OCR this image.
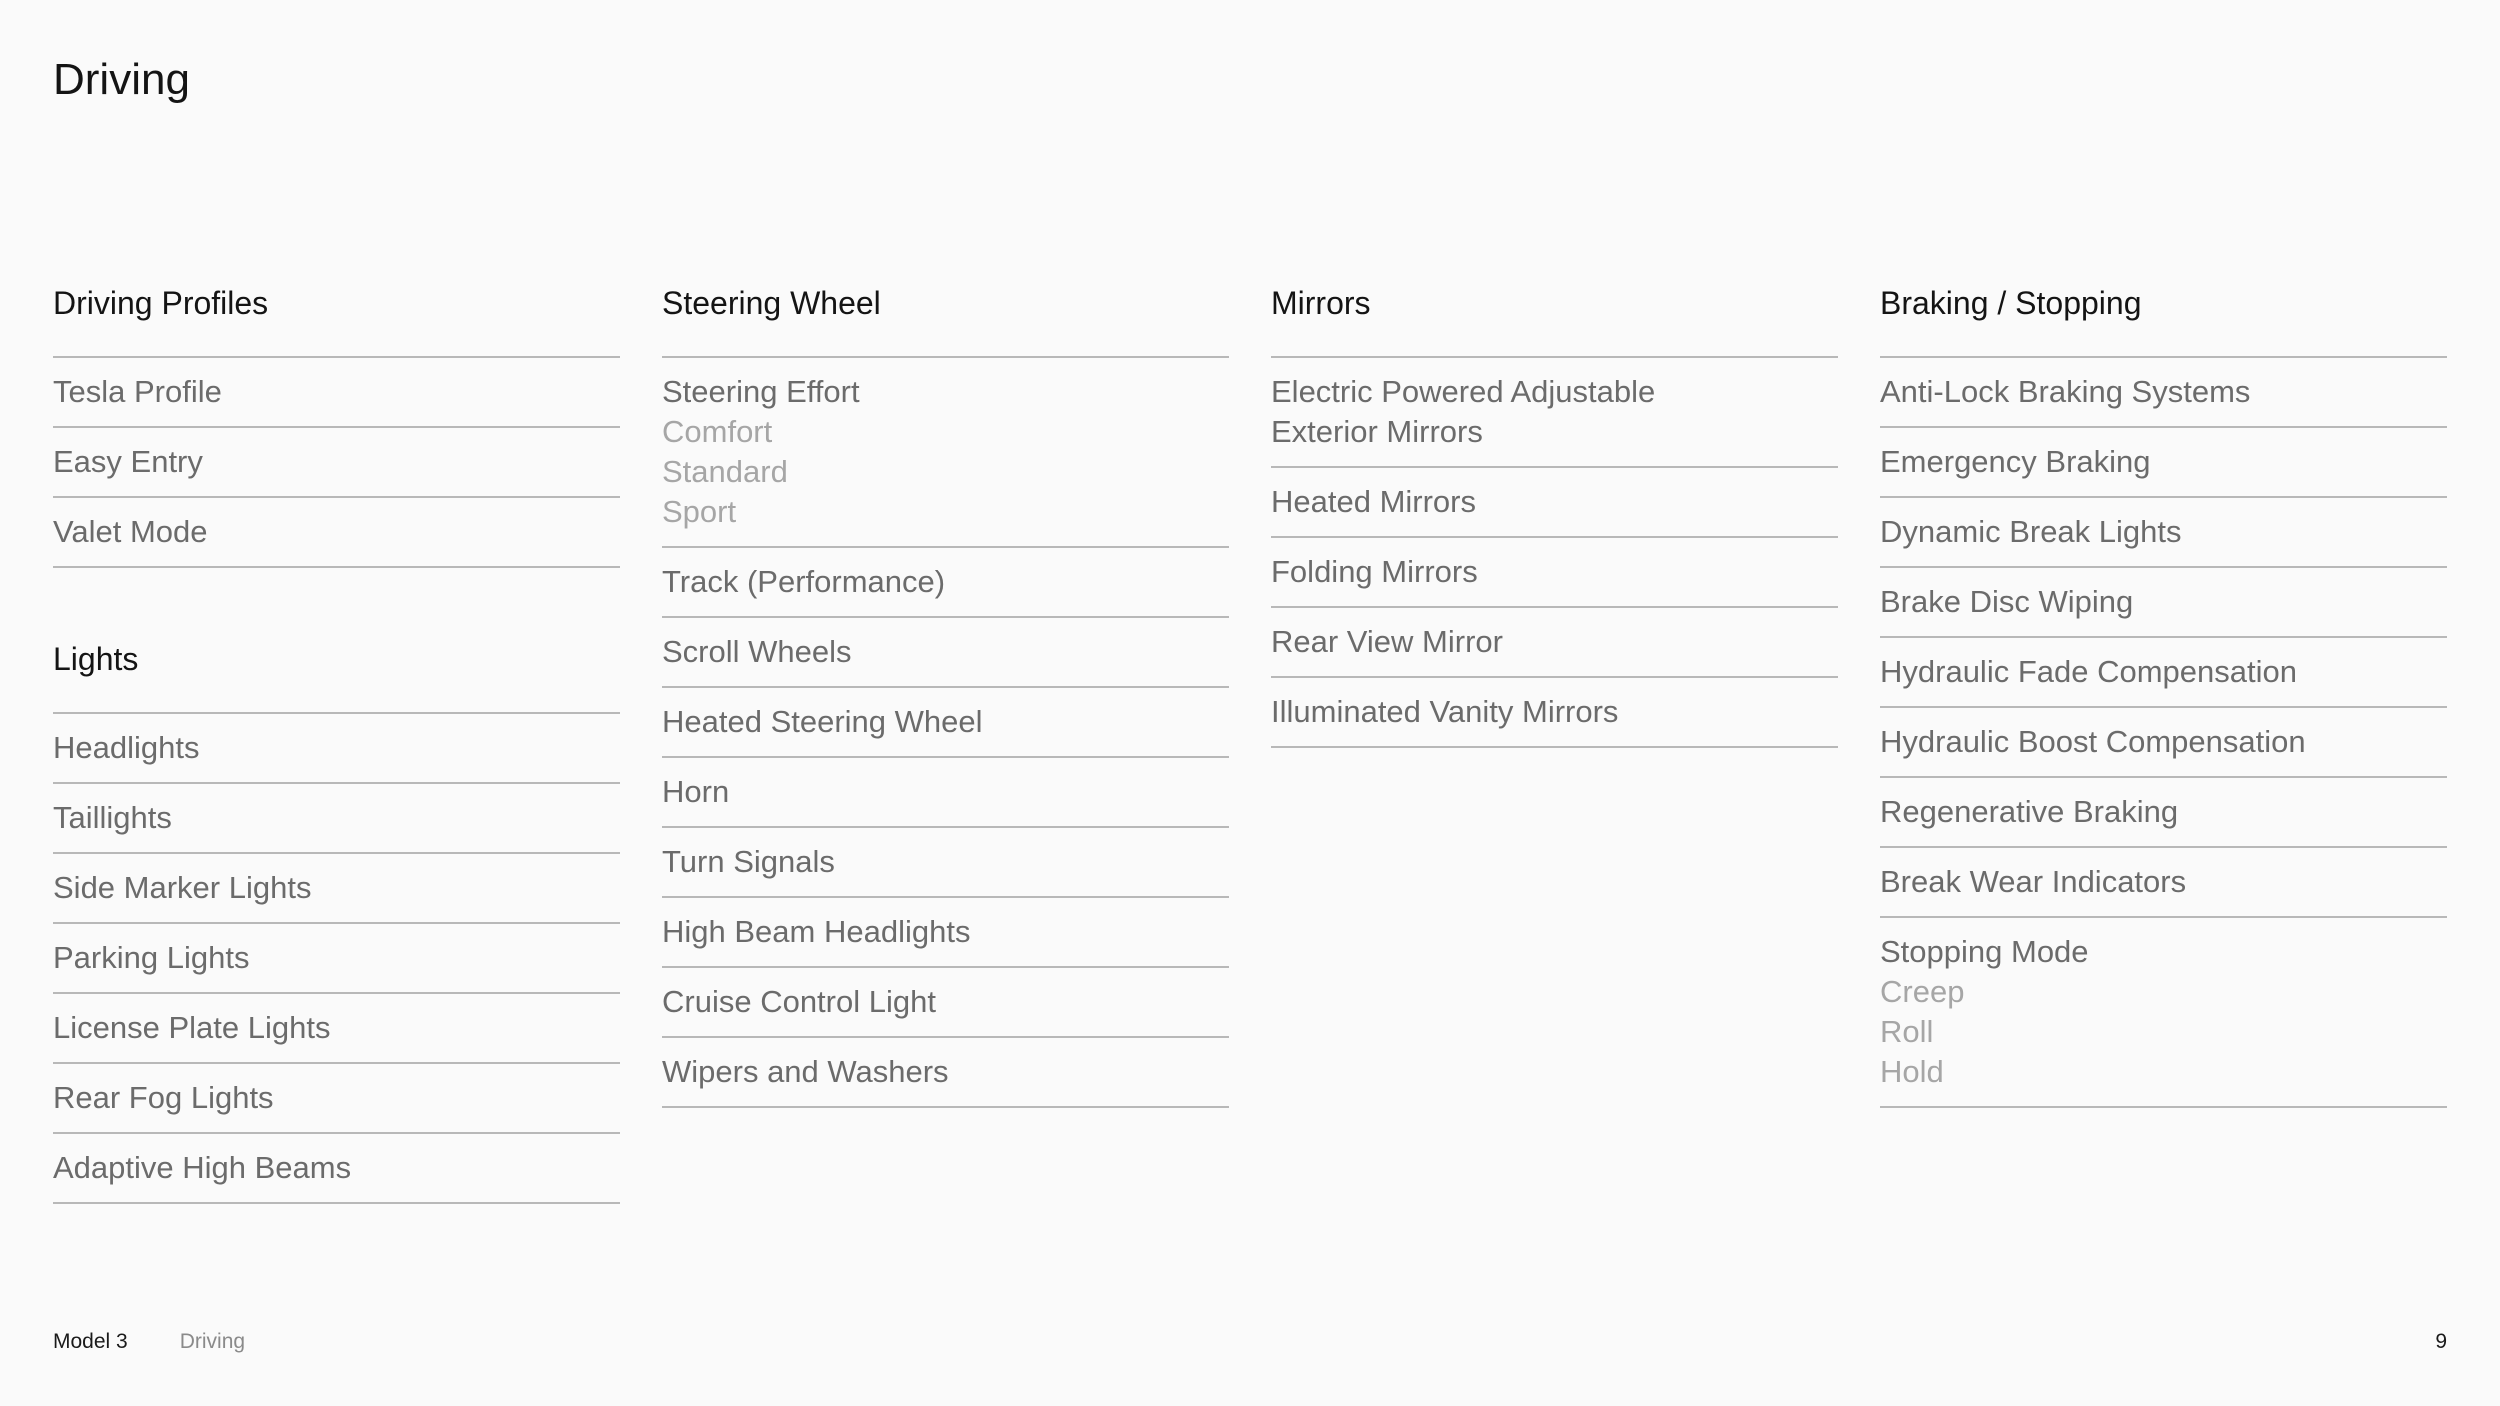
Driving
Driving Profiles
Tesla Profile
Easy Entry
Valet Mode
Lights
Headlights
Taillights
Side Marker Lights
Parking Lights
License Plate Lights
Rear Fog Lights
Adaptive High Beams
Steering Wheel
Steering Effort
Comfort
Standard
Sport
Track (Performance)
Scroll Wheels
Heated Steering Wheel
Horn
Turn Signals
High Beam Headlights
Cruise Control Light
Wipers and Washers
Mirrors
Electric Powered Adjustable
Exterior Mirrors
Heated Mirrors
Folding Mirrors
Rear View Mirror
Illuminated Vanity Mirrors
Braking / Stopping
Anti-Lock Braking Systems
Emergency Braking
Dynamic Break Lights
Brake Disc Wiping
Hydraulic Fade Compensation
Hydraulic Boost Compensation
Regenerative Braking
Break Wear Indicators
Stopping Mode
Creep
Roll
Hold
Model 3 Driving	9
